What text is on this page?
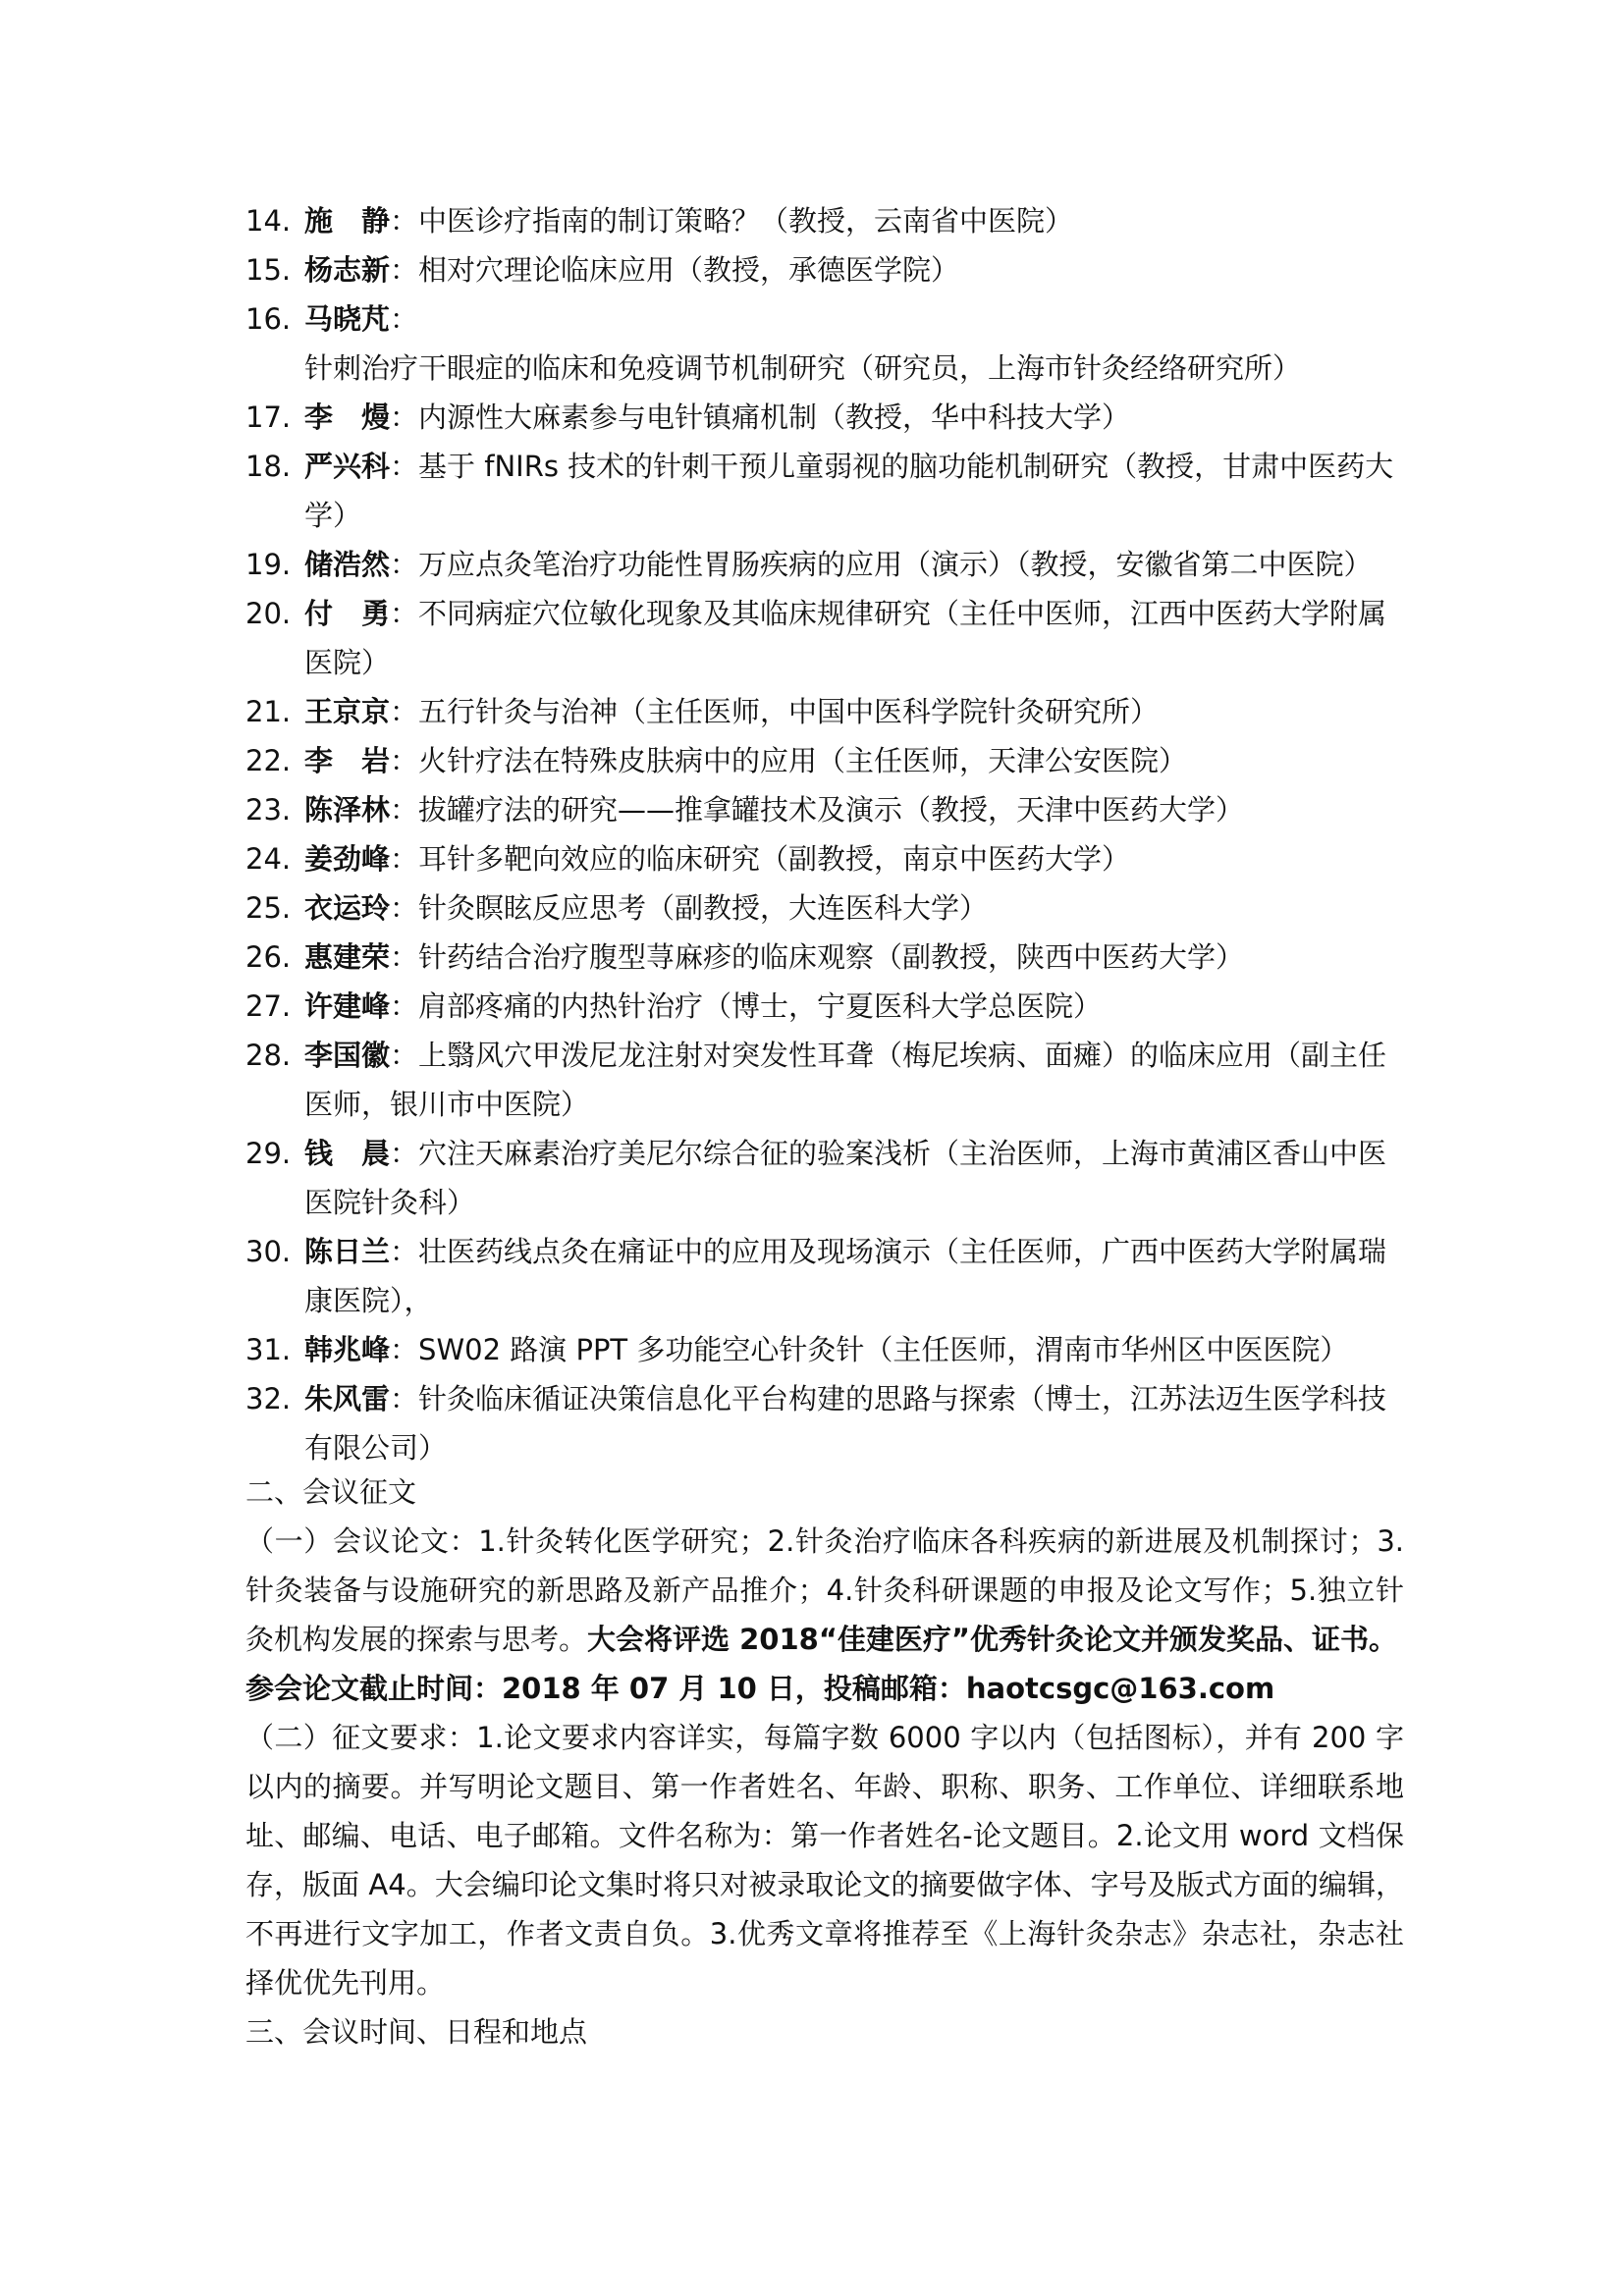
14. 施　静：中医诊疗指南的制订策略？（教授，云南省中医院）
15. 杨志新：相对穴理论临床应用（教授，承德医学院）
16. 马晓芃：针刺治疗干眼症的临床和免疫调节机制研究（研究员，上海市针灸经络研究所）
17. 李　熳：内源性大麻素参与电针镇痛机制（教授，华中科技大学）
18. 严兴科：基于 fNIRs 技术的针刺干预儿童弱视的脑功能机制研究（教授，甘肃中医药大学）
19. 储浩然：万应点灸笔治疗功能性胃肠疾病的应用（演示）（教授，安徽省第二中医院）
20. 付　勇：不同病症穴位敏化现象及其临床规律研究（主任中医师，江西中医药大学附属医院）
21. 王京京：五行针灸与治神（主任医师，中国中医科学院针灸研究所）
22. 李　岩：火针疗法在特殊皮肤病中的应用（主任医师，天津公安医院）
23. 陈泽林：拔罐疗法的研究——推拿罐技术及演示（教授，天津中医药大学）
24. 姜劲峰：耳针多靶向效应的临床研究（副教授，南京中医药大学）
25. 衣运玲：针灸瞑眩反应思考（副教授，大连医科大学）
26. 惠建荣：针药结合治疗腹型荨麻疹的临床观察（副教授，陕西中医药大学）
27. 许建峰：肩部疼痛的内热针治疗（博士，宁夏医科大学总医院）
28. 李国徽：上翳风穴甲泼尼龙注射对突发性耳聋（梅尼埃病、面瘫）的临床应用（副主任医师，银川市中医院）
29. 钱　晨：穴注天麻素治疗美尼尔综合征的验案浅析（主治医师，上海市黄浦区香山中医医院针灸科）
30. 陈日兰：壮医药线点灸在痛证中的应用及现场演示（主任医师，广西中医药大学附属瑞康医院），
31. 韩兆峰：SW02 路演 PPT 多功能空心针灸针（主任医师，渭南市华州区中医医院）
32. 朱风雷：针灸临床循证决策信息化平台构建的思路与探索（博士，江苏法迈生医学科技有限公司）

二、会议征文

（一）会议论文：1.针灸转化医学研究；2.针灸治疗临床各科疾病的新进展及机制探讨；3.针灸装备与设施研究的新思路及新产品推介；4.针灸科研课题的申报及论文写作；5.独立针灸机构发展的探索与思考。大会将评选 2018“佳建医疗”优秀针灸论文并颁发奖品、证书。
参会论文截止时间：2018 年 07 月 10 日，投稿邮箱：haotcsgc@163.com

（二）征文要求：1.论文要求内容详实，每篇字数 6000 字以内（包括图标），并有 200 字以内的摘要。并写明论文题目、第一作者姓名、年龄、职称、职务、工作单位、详细联系地址、邮编、电话、电子邮箱。文件名称为：第一作者姓名-论文题目。2.论文用 word 文档保存，版面 A4。大会编印论文集时将只对被录取论文的摘要做字体、字号及版式方面的编辑，不再进行文字加工，作者文责自负。3.优秀文章将推荐至《上海针灸杂志》杂志社，杂志社择优优先刊用。

三、会议时间、日程和地点
